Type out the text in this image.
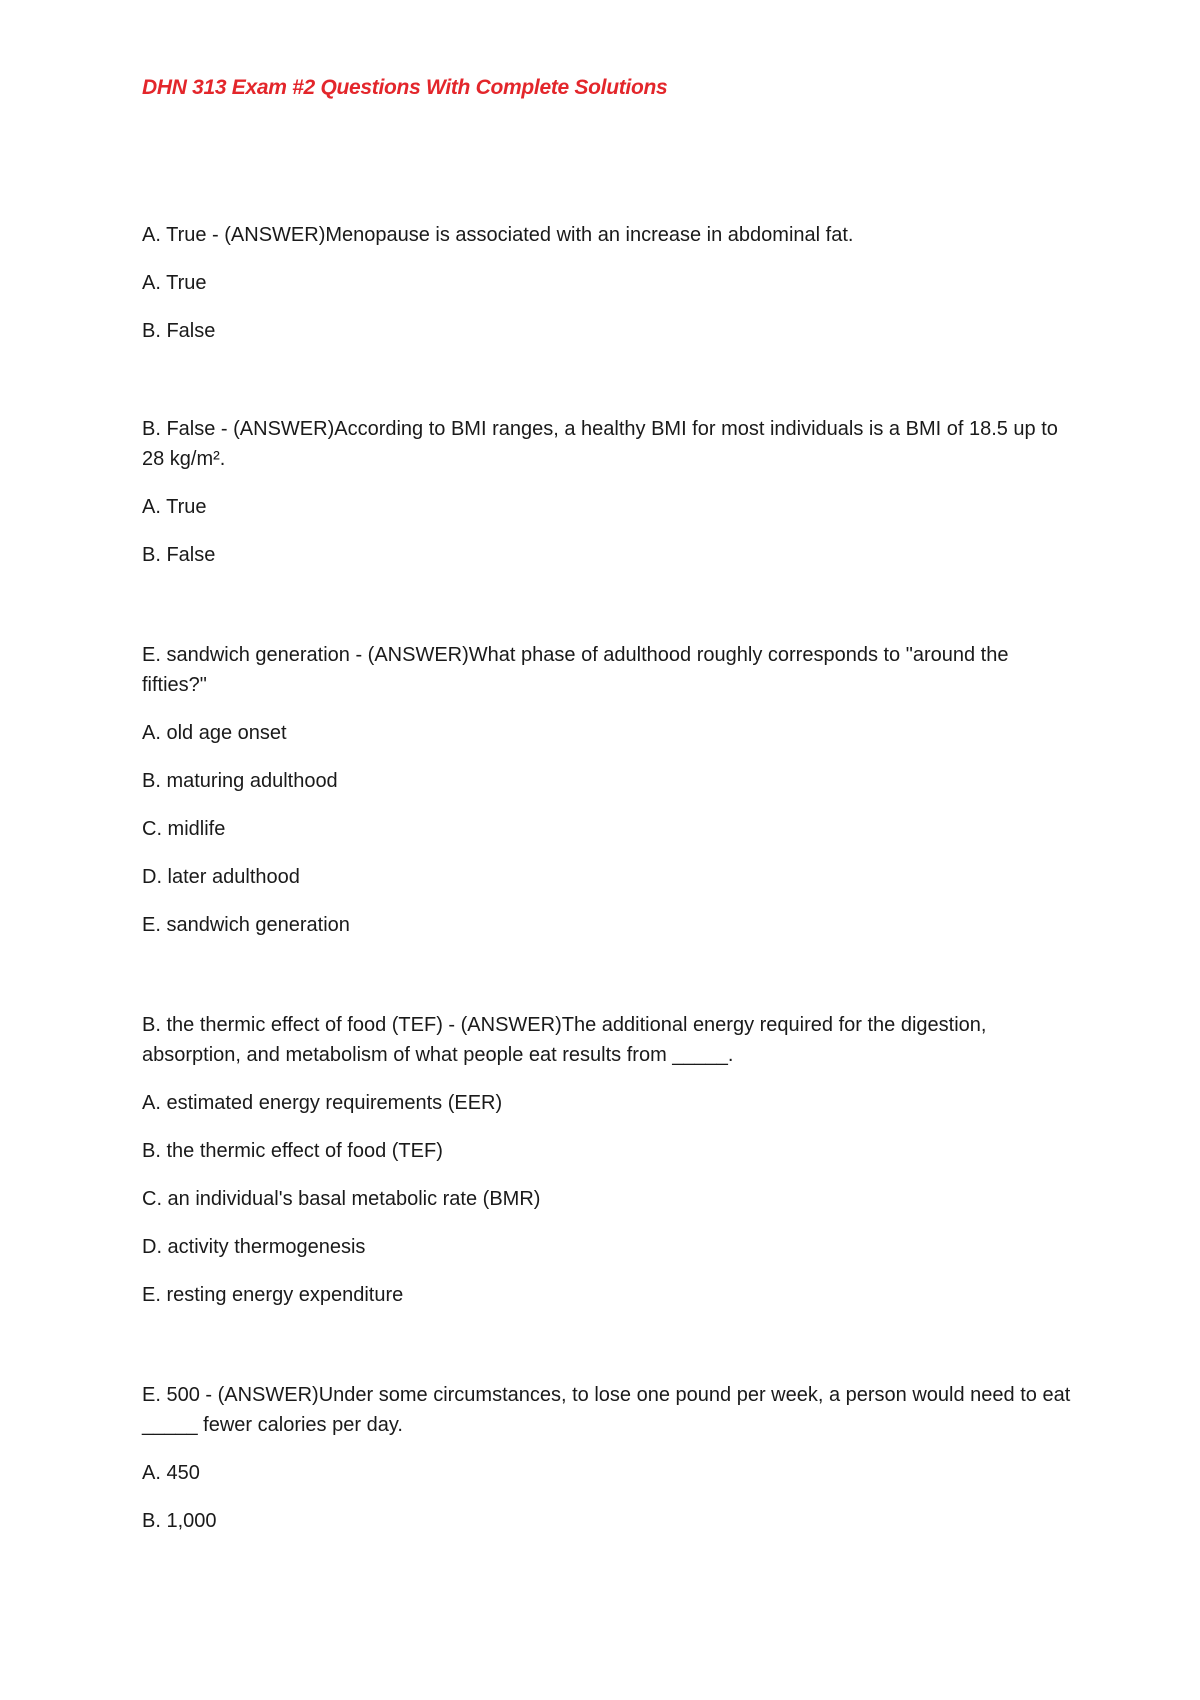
DHN 313 Exam #2 Questions With Complete Solutions

A. True - (ANSWER)Menopause is associated with an increase in abdominal fat.

A. True
B. False

B. False - (ANSWER)According to BMI ranges, a healthy BMI for most individuals is a BMI of 18.5 up to 28 kg/m².

A. True
B. False

E. sandwich generation - (ANSWER)What phase of adulthood roughly corresponds to "around the fifties?"

A. old age onset
B. maturing adulthood
C. midlife
D. later adulthood
E. sandwich generation

B. the thermic effect of food (TEF) - (ANSWER)The additional energy required for the digestion, absorption, and metabolism of what people eat results from _____.

A. estimated energy requirements (EER)
B. the thermic effect of food (TEF)
C. an individual's basal metabolic rate (BMR)
D. activity thermogenesis
E. resting energy expenditure

E. 500 - (ANSWER)Under some circumstances, to lose one pound per week, a person would need to eat _____ fewer calories per day.

A. 450
B. 1,000
